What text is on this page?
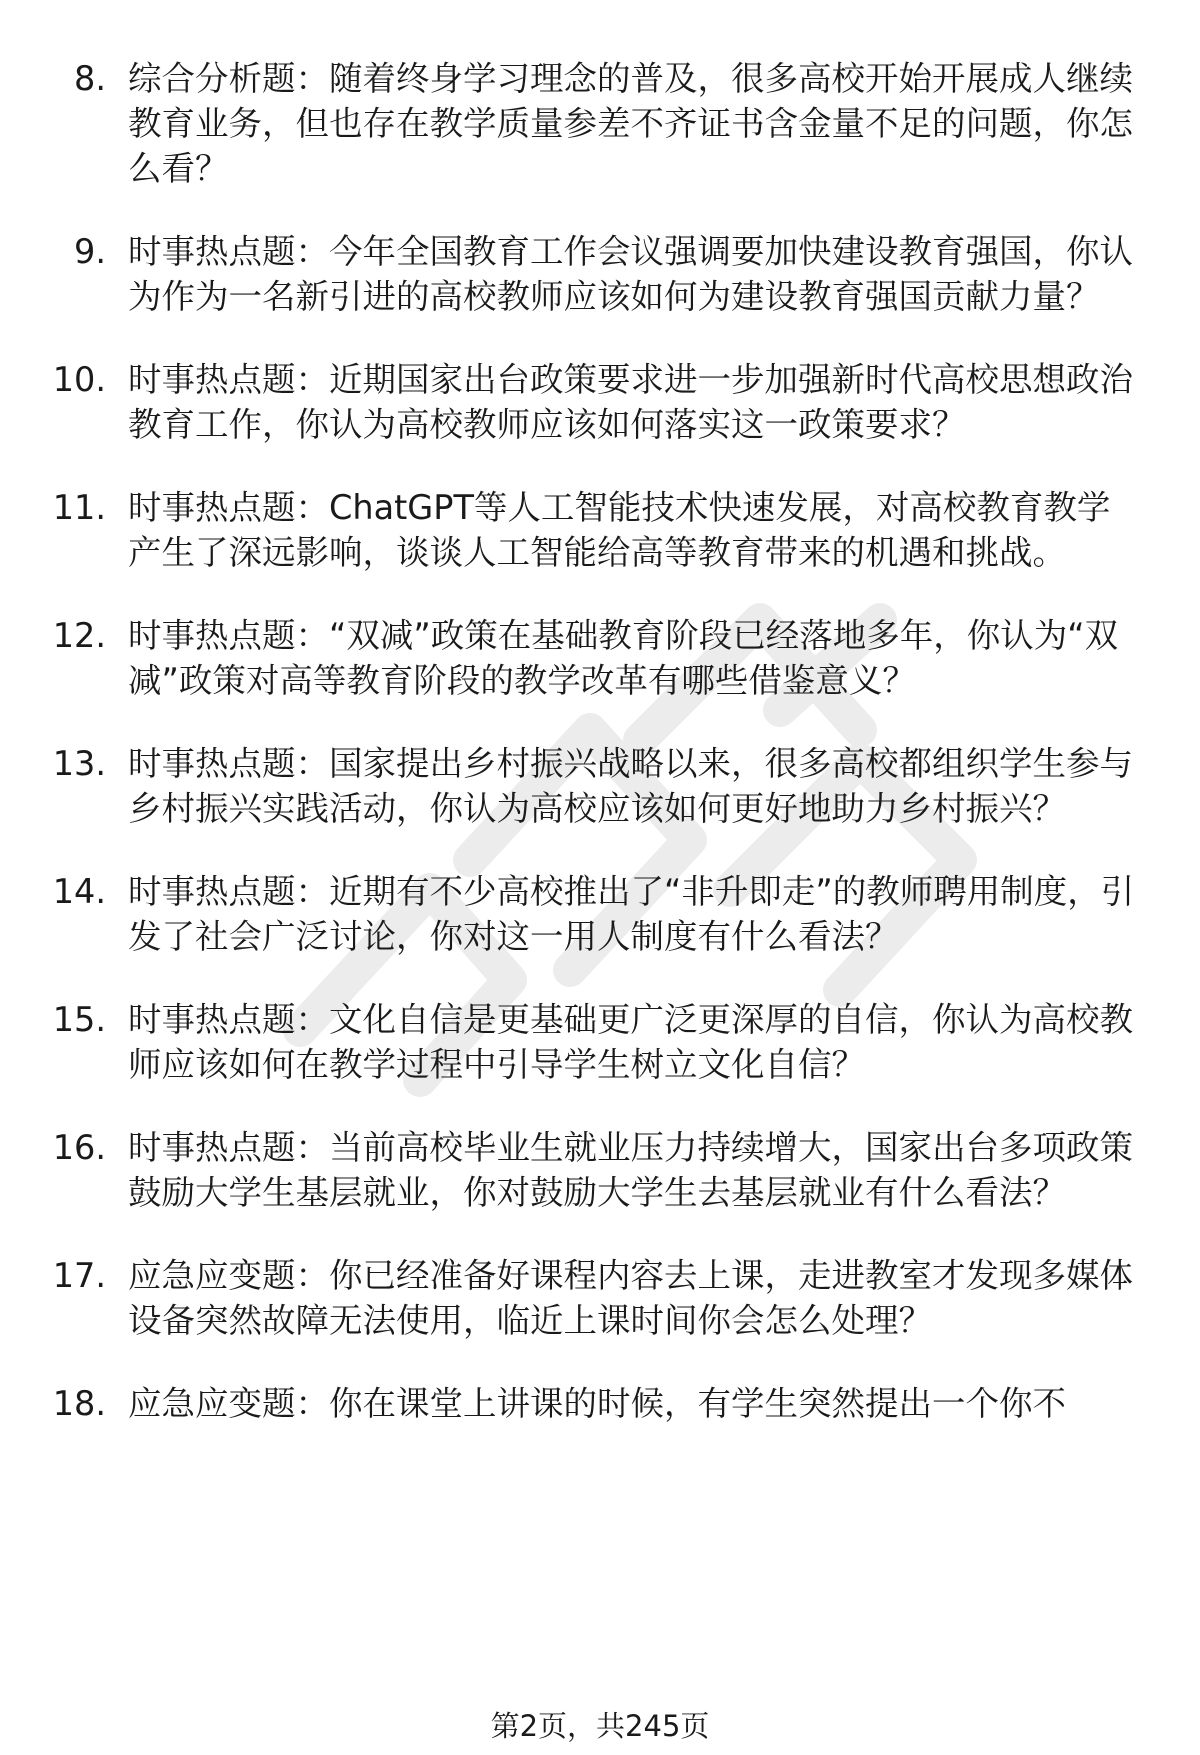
8. 综合分析题：随着终身学习理念的普及，很多高校开始开展成人继续教育业务，但也存在教学质量参差不齐证书含金量不足的问题，你怎么看？
9. 时事热点题：今年全国教育工作会议强调要加快建设教育强国，你认为作为一名新引进的高校教师应该如何为建设教育强国贡献力量？
10. 时事热点题：近期国家出台政策要求进一步加强新时代高校思想政治教育工作，你认为高校教师应该如何落实这一政策要求？
11. 时事热点题：ChatGPT等人工智能技术快速发展，对高校教育教学产生了深远影响，谈谈人工智能给高等教育带来的机遇和挑战。
12. 时事热点题：“双减”政策在基础教育阶段已经落地多年，你认为“双减”政策对高等教育阶段的教学改革有哪些借鉴意义？
13. 时事热点题：国家提出乡村振兴战略以来，很多高校都组织学生参与乡村振兴实践活动，你认为高校应该如何更好地助力乡村振兴？
14. 时事热点题：近期有不少高校推出了“非升即走”的教师聘用制度，引发了社会广泛讨论，你对这一用人制度有什么看法？
15. 时事热点题：文化自信是更基础更广泛更深厚的自信，你认为高校教师应该如何在教学过程中引导学生树立文化自信？
16. 时事热点题：当前高校毕业生就业压力持续增大，国家出台多项政策鼓励大学生基层就业，你对鼓励大学生去基层就业有什么看法？
17. 应急应变题：你已经准备好课程内容去上课，走进教室才发现多媒体设备突然故障无法使用，临近上课时间你会怎么处理？
18. 应急应变题：你在课堂上讲课的时候，有学生突然提出一个你不
第2页，共245页
